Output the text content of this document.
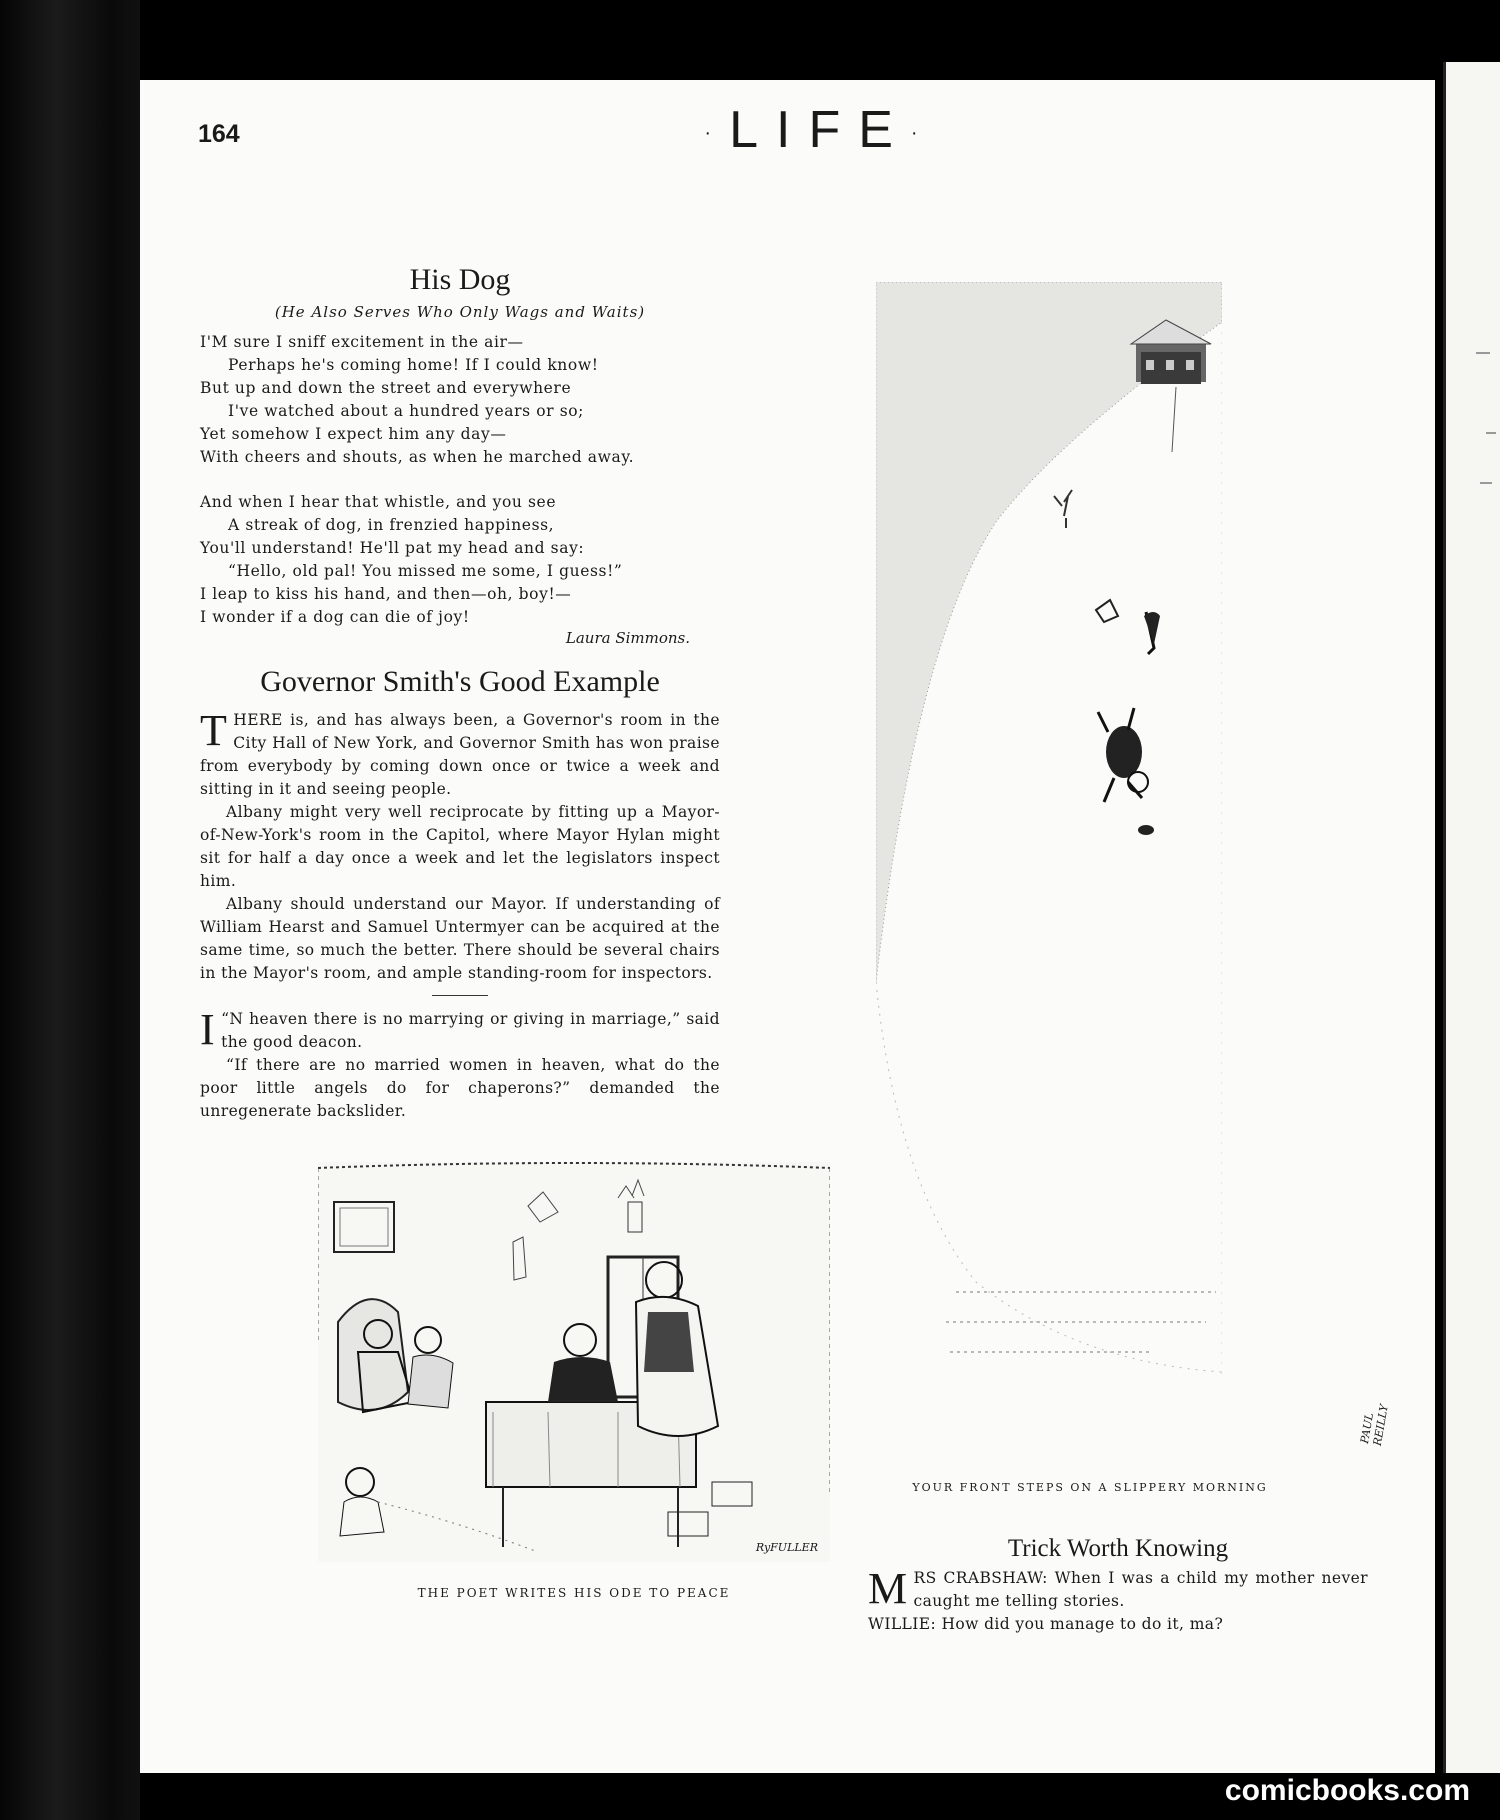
164	·LIFE·
His Dog
(He Also Serves Who Only Wags and Waits)
I'M sure I sniff excitement in the air—
Perhaps he's coming home! If I could know!
But up and down the street and everywhere
I've watched about a hundred years or so;
Yet somehow I expect him any day—
With cheers and shouts, as when he marched away.
And when I hear that whistle, and you see
A streak of dog, in frenzied happiness,
You'll understand! He'll pat my head and say:
“Hello, old pal! You missed me some, I guess!”
I leap to kiss his hand, and then—oh, boy!—
I wonder if a dog can die of joy!
Laura Simmons.
Governor Smith's Good Example

THERE is, and has always been, a Governor's room in the City Hall of New York, and Governor Smith has won praise from everybody by coming down once or twice a week and sitting in it and seeing people.

Albany might very well reciprocate by fitting up a Mayor-of-New-York's room in the Capitol, where Mayor Hylan might sit for half a day once a week and let the legislators inspect him.

Albany should understand our Mayor. If understanding of William Hearst and Samuel Untermyer can be acquired at the same time, so much the better. There should be several chairs in the Mayor's room, and ample standing-room for inspectors.

“
I N heaven there is no marrying or giving in marriage,” said the good deacon.

“If there are no married women in heaven, what do the poor little angels do for chaperons?” demanded the unregenerate backslider.

RyFULLER
THE POET WRITES HIS ODE TO PEACE
PAUL REILLY
YOUR FRONT STEPS ON A SLIPPERY MORNING
Trick Worth Knowing

MRS CRABSHAW: When I was a child my mother never caught me telling stories.

WILLIE: How did you manage to do it, ma?

comicbooks.com
